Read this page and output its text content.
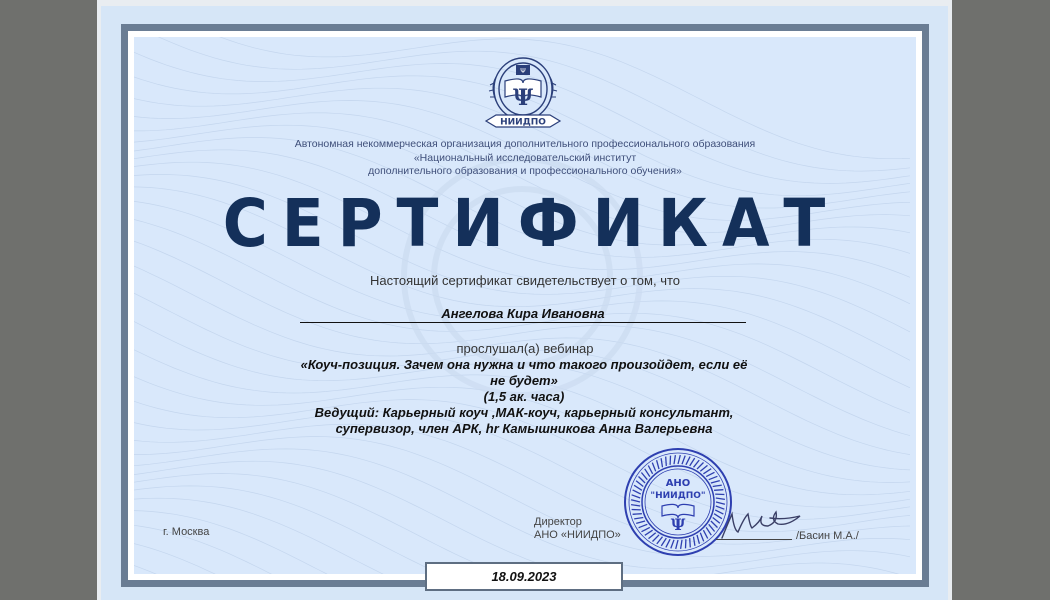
Ψ
Ψ
НИИДПО
Автономная некоммерческая организация дополнительного профессионального образования
«Национальный исследовательский институт
дополнительного образования и профессионального обучения»
СЕРТИФИКАТ
Настоящий сертификат свидетельствует о том, что
Ангелова Кира Ивановна
прослушал(а) вебинар
«Коуч-позиция. Зачем она нужна и что такого произойдет, если её
не будет»
(1,5 ак. часа)
Ведущий: Карьерный коуч ,МАК-коуч, карьерный консультант,
супервизор, член АРК, hr Камышникова Анна Валерьевна
г. Москва
Директор
АНО «НИИДПО»
АНО
"НИИДПО"
Ψ
/Басин М.А./
18.09.2023
